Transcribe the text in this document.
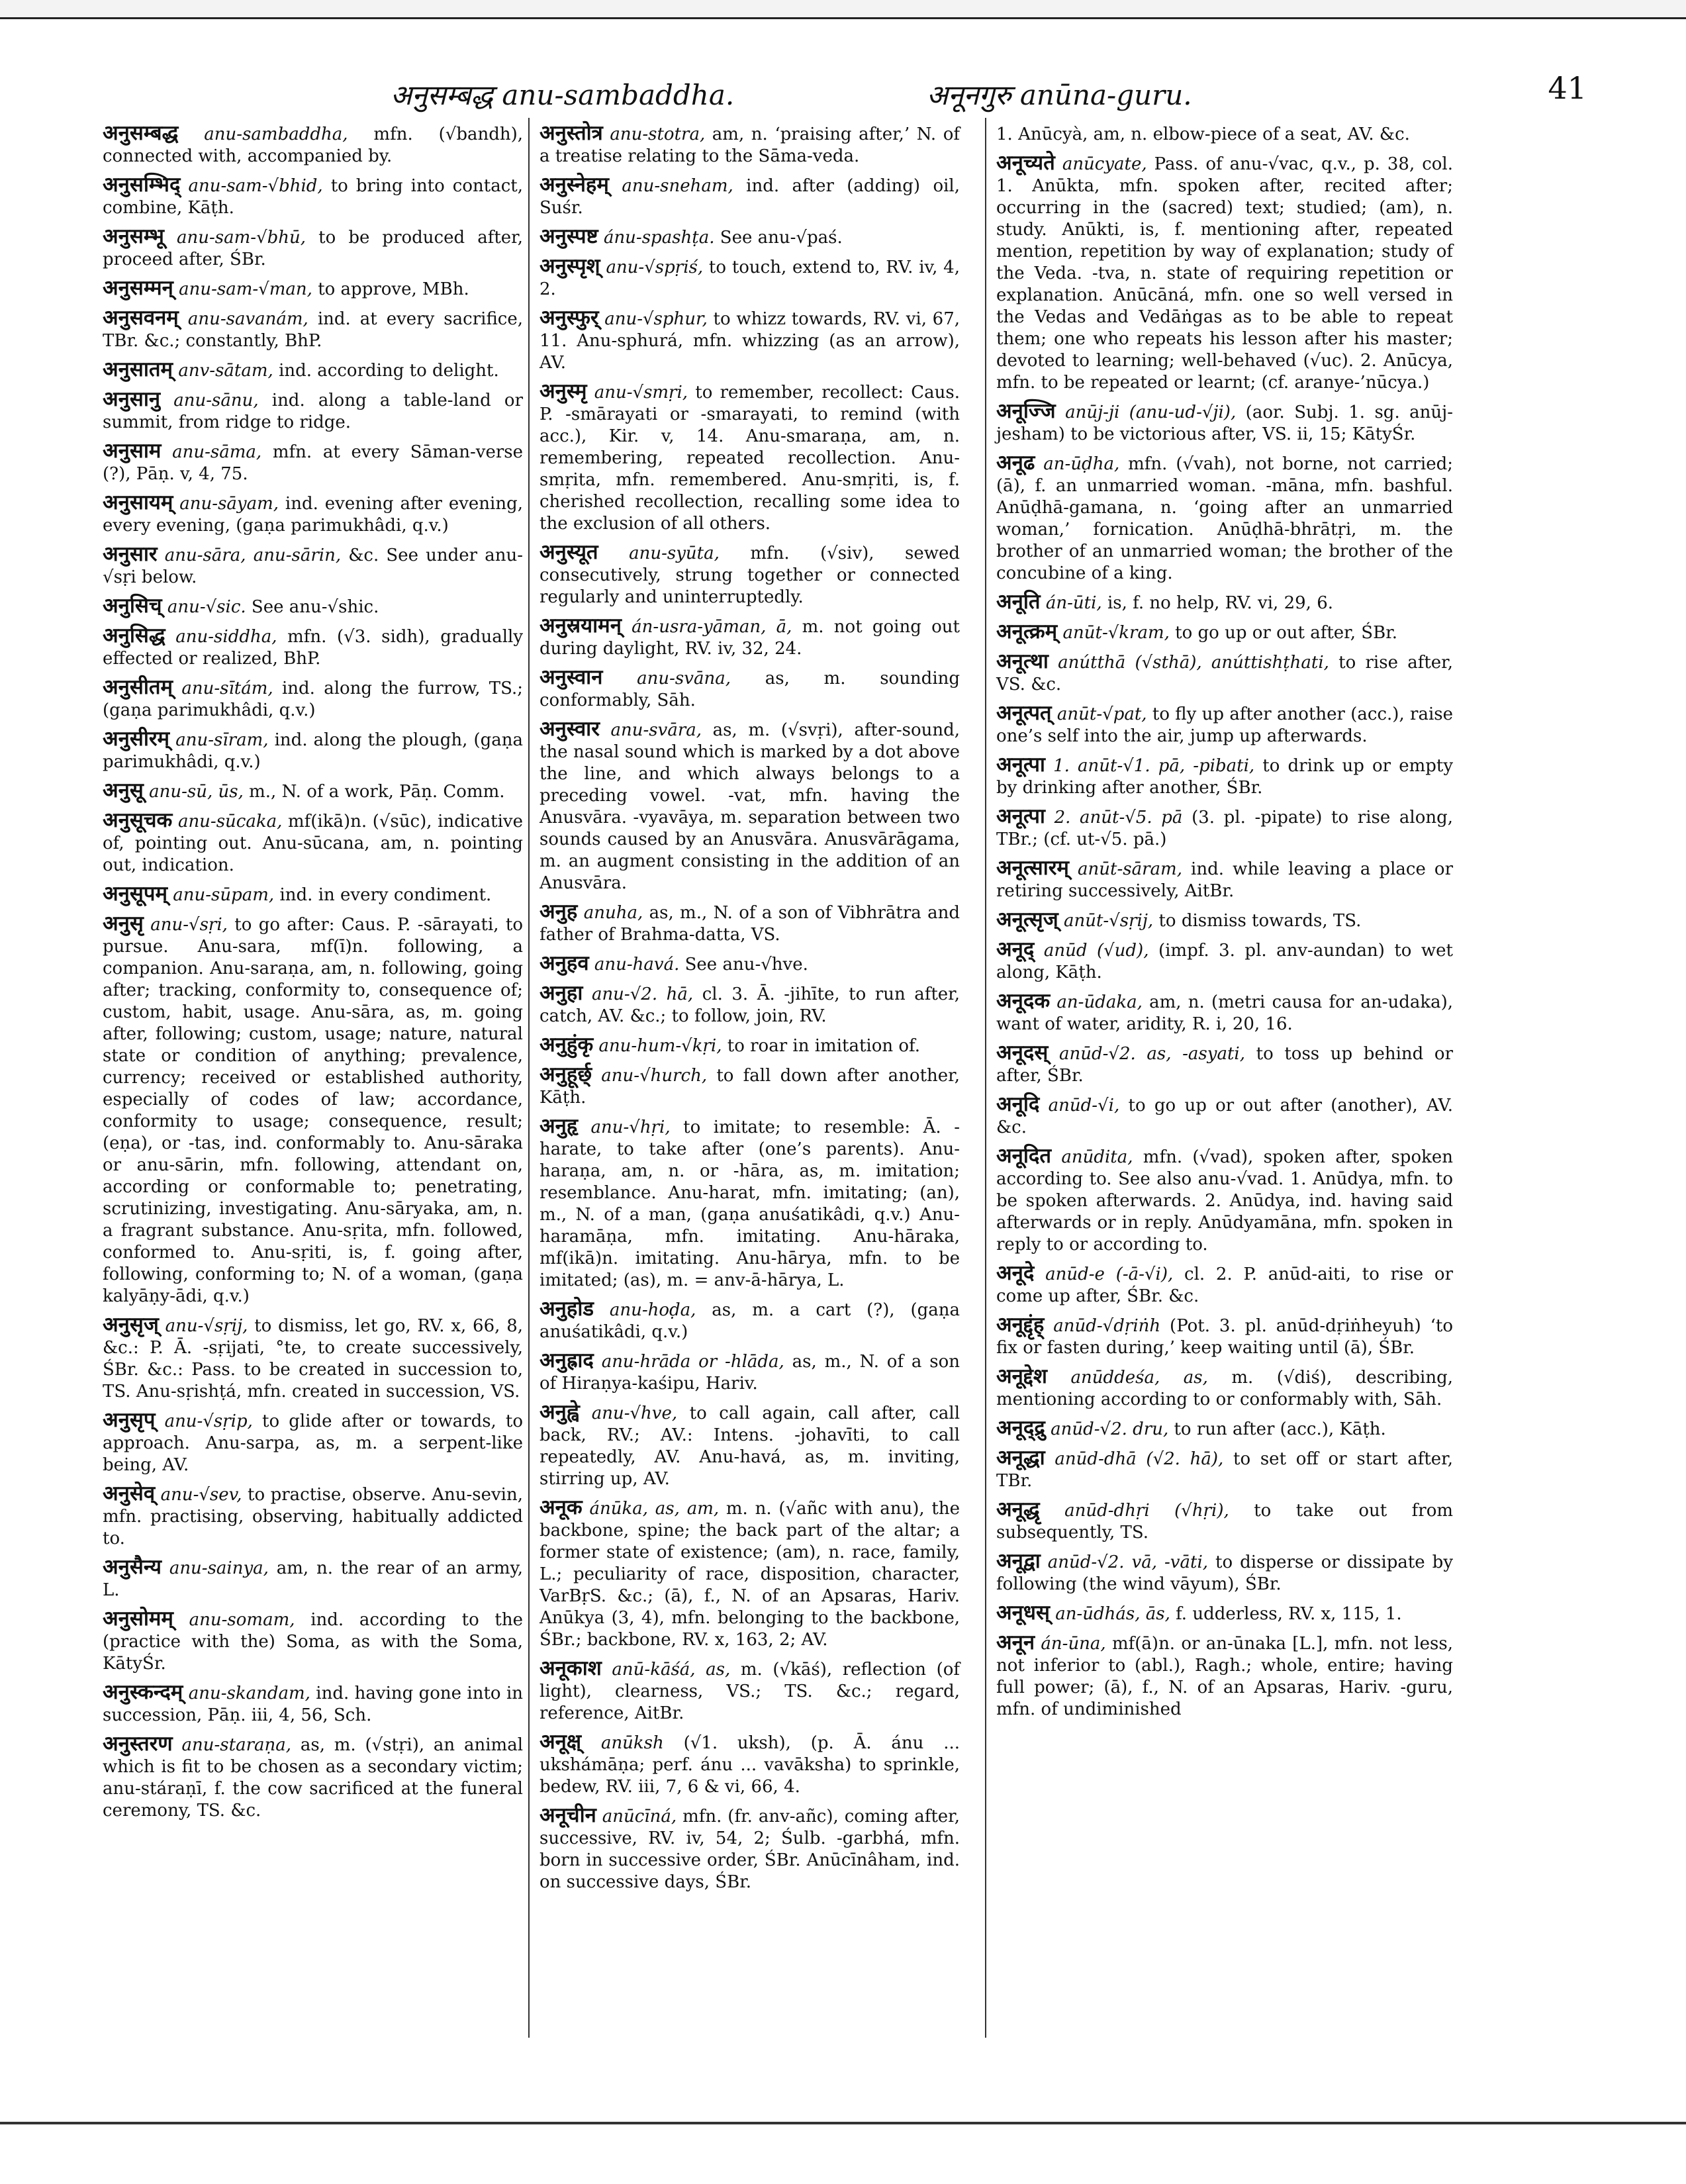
अनुसम्बद्ध anu-sambaddha.	अनूनगुरु anūna-guru.	41

अनुसम्बद्ध anu-sambaddha, mfn. (√bandh), connected with, accompanied by.

अनुसम्भिद् anu-sam-√bhid, to bring into contact, combine, Kāṭh.

अनुसम्भू anu-sam-√bhū, to be produced after, proceed after, ŚBr.

अनुसम्मन् anu-sam-√man, to approve, MBh.

अनुसवनम् anu-savanám, ind. at every sacrifice, TBr. &c.; constantly, BhP.

अनुसातम् anv-sātam, ind. according to delight.

अनुसानु anu-sānu, ind. along a table-land or summit, from ridge to ridge.

अनुसाम anu-sāma, mfn. at every Sāman-verse (?), Pāṇ. v, 4, 75.

अनुसायम् anu-sāyam, ind. evening after evening, every evening, (gaṇa parimukhâdi, q.v.)

अनुसार anu-sāra, anu-sārin, &c. See under anu-√sṛi below.

अनुसिच् anu-√sic. See anu-√shic.

अनुसिद्ध anu-siddha, mfn. (√3. sidh), gradually effected or realized, BhP.

अनुसीतम् anu-sītám, ind. along the furrow, TS.; (gaṇa parimukhâdi, q.v.)

अनुसीरम् anu-sīram, ind. along the plough, (gaṇa parimukhâdi, q.v.)

अनुसू anu-sū, ūs, m., N. of a work, Pāṇ. Comm.

अनुसूचक anu-sūcaka, mf(ikā)n. (√sūc), indicative of, pointing out. Anu-sūcana, am, n. pointing out, indication.

अनुसूपम् anu-sūpam, ind. in every condiment.

अनुसृ anu-√sṛi, to go after: Caus. P. -sārayati, to pursue. Anu-sara, mf(ī)n. following, a companion. Anu-saraṇa, am, n. following, going after; tracking, conformity to, consequence of; custom, habit, usage. Anu-sāra, as, m. going after, following; custom, usage; nature, natural state or condition of anything; prevalence, currency; received or established authority, especially of codes of law; accordance, conformity to usage; consequence, result; (eṇa), or -tas, ind. conformably to. Anu-sāraka or anu-sārin, mfn. following, attendant on, according or conformable to; penetrating, scrutinizing, investigating. Anu-sāryaka, am, n. a fragrant substance. Anu-sṛita, mfn. followed, conformed to. Anu-sṛiti, is, f. going after, following, conforming to; N. of a woman, (gaṇa kalyāṇy-ādi, q.v.)

अनुसृज् anu-√sṛij, to dismiss, let go, RV. x, 66, 8, &c.: P. Ā. -sṛijati, °te, to create successively, ŚBr. &c.: Pass. to be created in succession to, TS. Anu-sṛishṭá, mfn. created in succession, VS.

अनुसृप् anu-√sṛip, to glide after or towards, to approach. Anu-sarpa, as, m. a serpent-like being, AV.

अनुसेव् anu-√sev, to practise, observe. Anu-sevin, mfn. practising, observing, habitually addicted to.

अनुसैन्य anu-sainya, am, n. the rear of an army, L.

अनुसोमम् anu-somam, ind. according to the (practice with the) Soma, as with the Soma, KātyŚr.

अनुस्कन्दम् anu-skandam, ind. having gone into in succession, Pāṇ. iii, 4, 56, Sch.

अनुस्तरण anu-staraṇa, as, m. (√stṛi), an animal which is fit to be chosen as a secondary victim; anu-stáraṇī, f. the cow sacrificed at the funeral ceremony, TS. &c.

अनुस्तोत्र anu-stotra, am, n. ‘praising after,’ N. of a treatise relating to the Sāma-veda.

अनुस्नेहम् anu-sneham, ind. after (adding) oil, Suśr.

अनुस्पष्ट ánu-spashṭa. See anu-√paś.

अनुस्पृश् anu-√spṛiś, to touch, extend to, RV. iv, 4, 2.

अनुस्फुर् anu-√sphur, to whizz towards, RV. vi, 67, 11. Anu-sphurá, mfn. whizzing (as an arrow), AV.

अनुस्मृ anu-√smṛi, to remember, recollect: Caus. P. -smārayati or -smarayati, to remind (with acc.), Kir. v, 14. Anu-smaraṇa, am, n. remembering, repeated recollection. Anu-smṛita, mfn. remembered. Anu-smṛiti, is, f. cherished recollection, recalling some idea to the exclusion of all others.

अनुस्यूत anu-syūta, mfn. (√siv), sewed consecutively, strung together or connected regularly and uninterruptedly.

अनुस्रयामन् án-usra-yāman, ā, m. not going out during daylight, RV. iv, 32, 24.

अनुस्वान anu-svāna, as, m. sounding conformably, Sāh.

अनुस्वार anu-svāra, as, m. (√svṛi), after-sound, the nasal sound which is marked by a dot above the line, and which always belongs to a preceding vowel. -vat, mfn. having the Anusvāra. -vyavāya, m. separation between two sounds caused by an Anusvāra. Anusvārāgama, m. an augment consisting in the addition of an Anusvāra.

अनुह anuha, as, m., N. of a son of Vibhrātra and father of Brahma-datta, VS.

अनुहव anu-havá. See anu-√hve.

अनुहा anu-√2. hā, cl. 3. Ā. -jihīte, to run after, catch, AV. &c.; to follow, join, RV.

अनुहुंकृ anu-hum-√kṛi, to roar in imitation of.

अनुहूर्छ् anu-√hurch, to fall down after another, Kāṭh.

अनुहृ anu-√hṛi, to imitate; to resemble: Ā. -harate, to take after (one’s parents). Anu-haraṇa, am, n. or -hāra, as, m. imitation; resemblance. Anu-harat, mfn. imitating; (an), m., N. of a man, (gaṇa anuśatikâdi, q.v.) Anu-haramāṇa, mfn. imitating. Anu-hāraka, mf(ikā)n. imitating. Anu-hārya, mfn. to be imitated; (as), m. = anv-ā-hārya, L.

अनुहोड anu-hoḍa, as, m. a cart (?), (gaṇa anuśatikâdi, q.v.)

अनुह्राद anu-hrāda or -hlāda, as, m., N. of a son of Hiraṇya-kaśipu, Hariv.

अनुह्वे anu-√hve, to call again, call after, call back, RV.; AV.: Intens. -johavīti, to call repeatedly, AV. Anu-havá, as, m. inviting, stirring up, AV.

अनूक ánūka, as, am, m. n. (√añc with anu), the backbone, spine; the back part of the altar; a former state of existence; (am), n. race, family, L.; peculiarity of race, disposition, character, VarBṛS. &c.; (ā), f., N. of an Apsaras, Hariv. Anūkya (3, 4), mfn. belonging to the backbone, ŚBr.; backbone, RV. x, 163, 2; AV.

अनूकाश anū-kāśá, as, m. (√kāś), reflection (of light), clearness, VS.; TS. &c.; regard, reference, AitBr.

अनूक्ष् anūksh (√1. uksh), (p. Ā. ánu ... ukshámāṇa; perf. ánu ... vavāksha) to sprinkle, bedew, RV. iii, 7, 6 & vi, 66, 4.

अनूचीन anūcīná, mfn. (fr. anv-añc), coming after, successive, RV. iv, 54, 2; Śulb. -garbhá, mfn. born in successive order, ŚBr. Anūcīnâham, ind. on successive days, ŚBr.

1. Anūcyà, am, n. elbow-piece of a seat, AV. &c.

अनूच्यते anūcyate, Pass. of anu-√vac, q.v., p. 38, col. 1. Anūkta, mfn. spoken after, recited after; occurring in the (sacred) text; studied; (am), n. study. Anūkti, is, f. mentioning after, repeated mention, repetition by way of explanation; study of the Veda. -tva, n. state of requiring repetition or explanation. Anūcāná, mfn. one so well versed in the Vedas and Vedāṅgas as to be able to repeat them; one who repeats his lesson after his master; devoted to learning; well-behaved (√uc). 2. Anūcya, mfn. to be repeated or learnt; (cf. aranye-’nūcya.)

अनूज्जि anūj-ji (anu-ud-√ji), (aor. Subj. 1. sg. anūj-jesham) to be victorious after, VS. ii, 15; KātyŚr.

अनूढ an-ūḍha, mfn. (√vah), not borne, not carried; (ā), f. an unmarried woman. -māna, mfn. bashful. Anūḍhā-gamana, n. ‘going after an unmarried woman,’ fornication. Anūḍhā-bhrātṛi, m. the brother of an unmarried woman; the brother of the concubine of a king.

अनूति án-ūti, is, f. no help, RV. vi, 29, 6.

अनूत्क्रम् anūt-√kram, to go up or out after, ŚBr.

अनूत्था anútthā (√sthā), anúttishṭhati, to rise after, VS. &c.

अनूत्पत् anūt-√pat, to fly up after another (acc.), raise one’s self into the air, jump up afterwards.

अनूत्पा 1. anūt-√1. pā, -pibati, to drink up or empty by drinking after another, ŚBr.

अनूत्पा 2. anūt-√5. pā (3. pl. -pipate) to rise along, TBr.; (cf. ut-√5. pā.)

अनूत्सारम् anūt-sāram, ind. while leaving a place or retiring successively, AitBr.

अनूत्सृज् anūt-√sṛij, to dismiss towards, TS.

अनूद् anūd (√ud), (impf. 3. pl. anv-aundan) to wet along, Kāṭh.

अनूदक an-ūdaka, am, n. (metri causa for an-udaka), want of water, aridity, R. i, 20, 16.

अनूदस् anūd-√2. as, -asyati, to toss up behind or after, ŚBr.

अनूदि anūd-√i, to go up or out after (another), AV. &c.

अनूदित anūdita, mfn. (√vad), spoken after, spoken according to. See also anu-√vad. 1. Anūdya, mfn. to be spoken afterwards. 2. Anūdya, ind. having said afterwards or in reply. Anūdyamāna, mfn. spoken in reply to or according to.

अनूदे anūd-e (-ā-√i), cl. 2. P. anūd-aiti, to rise or come up after, ŚBr. &c.

अनूद्दृंह् anūd-√dṛiṅh (Pot. 3. pl. anūd-dṛiṅheyuh) ‘to fix or fasten during,’ keep waiting until (ā), ŚBr.

अनूद्देश anūddeśa, as, m. (√diś), describing, mentioning according to or conformably with, Sāh.

अनूद्द्रु anūd-√2. dru, to run after (acc.), Kāṭh.

अनूद्धा anūd-dhā (√2. hā), to set off or start after, TBr.

अनूद्धृ anūd-dhṛi (√hṛi), to take out from subsequently, TS.

अनूद्वा anūd-√2. vā, -vāti, to disperse or dissipate by following (the wind vāyum), ŚBr.

अनूधस् an-ūdhás, ās, f. udderless, RV. x, 115, 1.

अनून án-ūna, mf(ā)n. or an-ūnaka [L.], mfn. not less, not inferior to (abl.), Ragh.; whole, entire; having full power; (ā), f., N. of an Apsaras, Hariv. -guru, mfn. of undiminished
